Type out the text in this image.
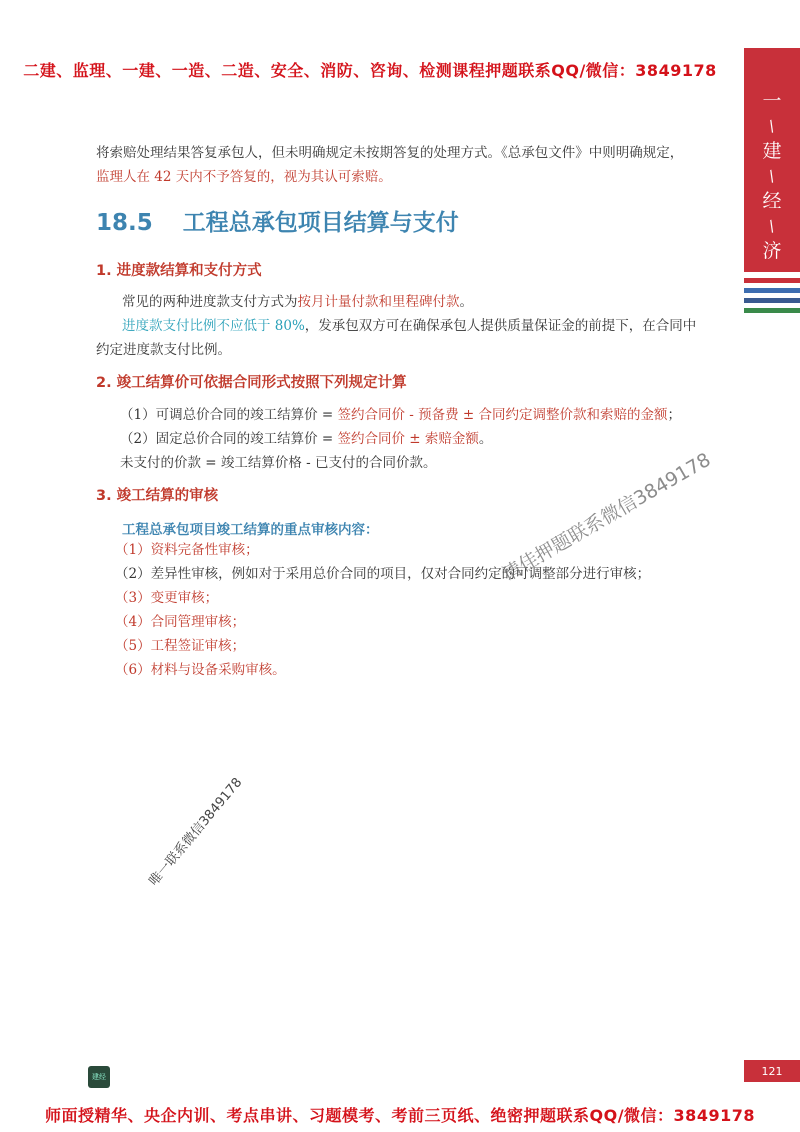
二建、监理、一建、一造、二造、安全、消防、咨询、检测课程押题联系QQ/微信：3849178
一
/
建
/
经
/
济
将索赔处理结果答复承包人，但未明确规定未按期答复的处理方式。《总承包文件》中则明确规定，
监理人在 42 天内不予答复的，视为其认可索赔。
18.5 工程总承包项目结算与支付
1. 进度款结算和支付方式
常见的两种进度款支付方式为按月计量付款和里程碑付款。
进度款支付比例不应低于 80%，发承包双方可在确保承包人提供质量保证金的前提下，在合同中
约定进度款支付比例。
2. 竣工结算价可依据合同形式按照下列规定计算
（1）可调总价合同的竣工结算价 = 签约合同价 - 预备费 ± 合同约定调整价款和索赔的金额；
（2）固定总价合同的竣工结算价 = 签约合同价 ± 索赔金额。
未支付的价款 = 竣工结算价格 - 已支付的合同价款。
3. 竣工结算的审核
工程总承包项目竣工结算的重点审核内容：
（1）资料完备性审核；
（2）差异性审核，例如对于采用总价合同的项目，仅对合同约定的可调整部分进行审核；
（3）变更审核；
（4）合同管理审核；
（5）工程签证审核；
（6）材料与设备采购审核。
请佳押题联系微信3849178
唯一联系微信3849178
建经	121
师面授精华、央企内训、考点串讲、习题模考、考前三页纸、绝密押题联系QQ/微信：3849178
